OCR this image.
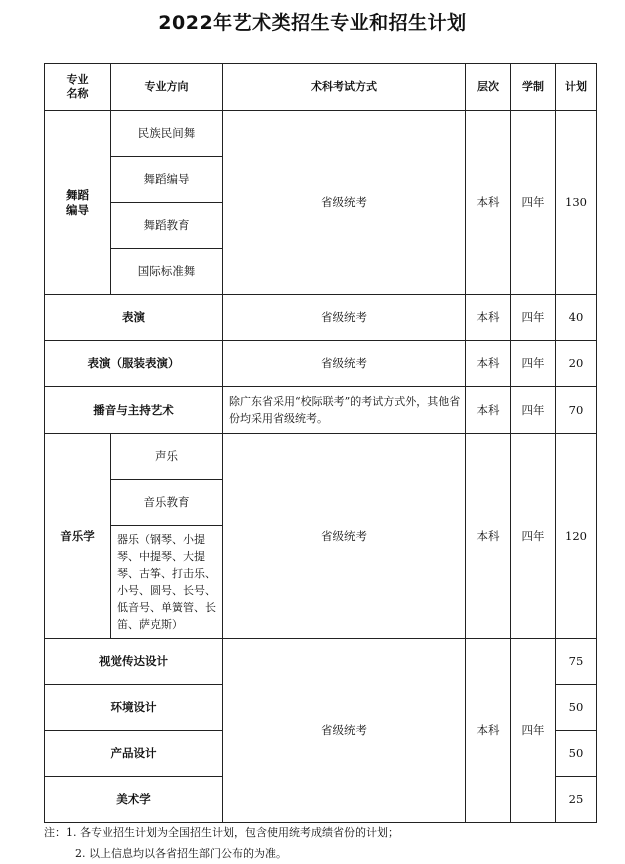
2022年艺术类招生专业和招生计划
专业
名称	专业方向	术科考试方式	层次	学制	计划
舞蹈
编导	民族民间舞	省级统考	本科	四年	130
	舞蹈编导				
	舞蹈教育				
	国际标准舞				
表演		省级统考	本科	四年	40
表演（服装表演）		省级统考	本科	四年	20
播音与主持艺术		除广东省采用“校际联考”的考试方式外，其他省份均采用省级统考。	本科	四年	70
音乐学	声乐	省级统考	本科	四年	120
	音乐教育				
	器乐（钢琴、小提琴、中提琴、大提琴、古筝、打击乐、小号、圆号、长号、低音号、单簧管、长笛、萨克斯）				
视觉传达设计		省级统考	本科	四年	75
环境设计					50
产品设计					50
美术学					25
注：1. 各专业招生计划为全国招生计划，包含使用统考成绩省份的计划；
2. 以上信息均以各省招生部门公布的为准。
